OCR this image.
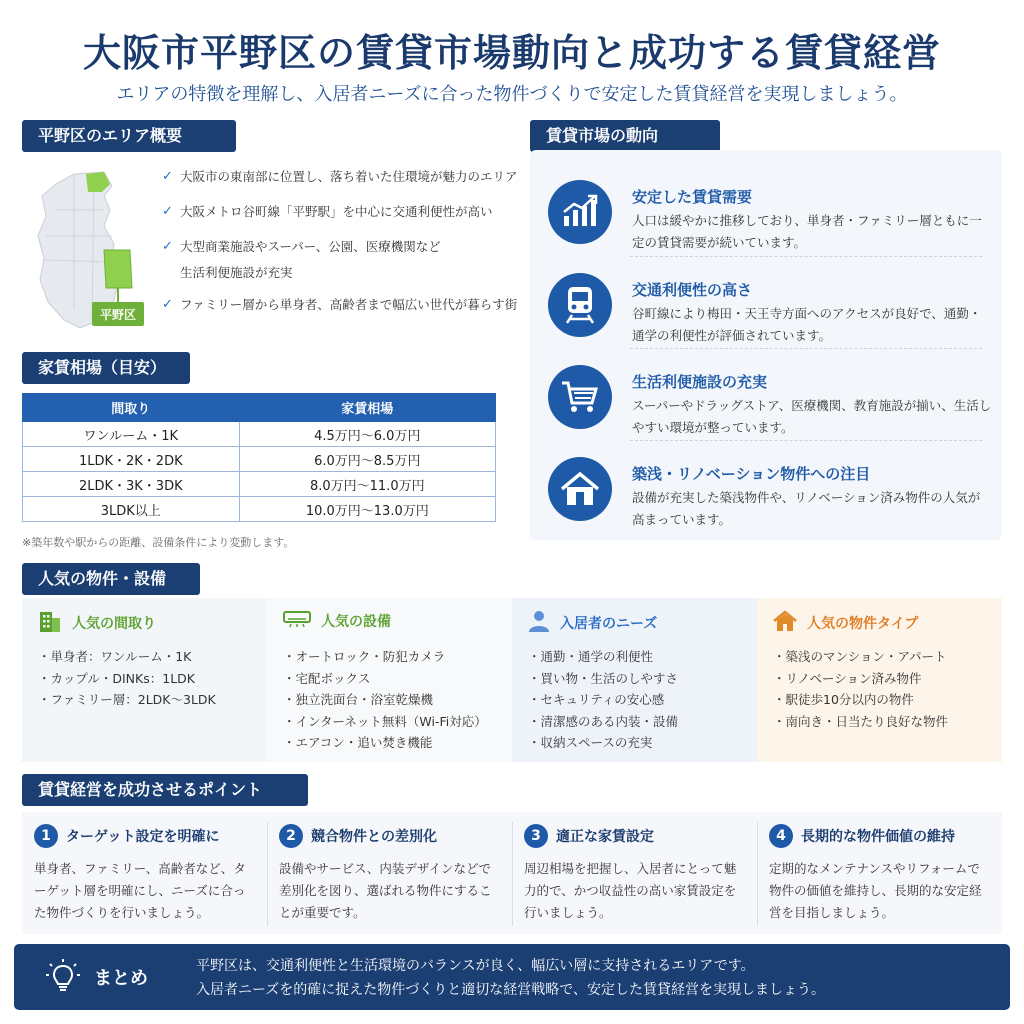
大阪市平野区の賃貸市場動向と成功する賃貸経営
エリアの特徴を理解し、入居者ニーズに合った物件づくりで安定した賃貸経営を実現しましょう。
平野区のエリア概要
平野区
✓ 大阪市の東南部に位置し、落ち着いた住環境が魅力のエリア
✓ 大阪メトロ谷町線「平野駅」を中心に交通利便性が高い
✓ 大型商業施設やスーパー、公園、医療機関など
生活利便施設が充実
✓ ファミリー層から単身者、高齢者まで幅広い世代が暮らす街
家賃相場（目安）
間取り	家賃相場
ワンルーム・1K	4.5万円～6.0万円
1LDK・2K・2DK	6.0万円～8.5万円
2LDK・3K・3DK	8.0万円～11.0万円
3LDK以上	10.0万円～13.0万円
※築年数や駅からの距離、設備条件により変動します。
賃貸市場の動向
安定した賃貸需要
人口は緩やかに推移しており、単身者・ファミリー層ともに一定の賃貸需要が続いています。
交通利便性の高さ
谷町線により梅田・天王寺方面へのアクセスが良好で、通勤・通学の利便性が評価されています。
生活利便施設の充実
スーパーやドラッグストア、医療機関、教育施設が揃い、生活しやすい環境が整っています。
築浅・リノベーション物件への注目
設備が充実した築浅物件や、リノベーション済み物件の人気が高まっています。
人気の物件・設備
人気の間取り
・単身者：ワンルーム・1K
・カップル・DINKs：1LDK
・ファミリー層：2LDK～3LDK
人気の設備
・オートロック・防犯カメラ
・宅配ボックス
・独立洗面台・浴室乾燥機
・インターネット無料（Wi-Fi対応）
・エアコン・追い焚き機能
入居者のニーズ
・通勤・通学の利便性
・買い物・生活のしやすさ
・セキュリティの安心感
・清潔感のある内装・設備
・収納スペースの充実
人気の物件タイプ
・築浅のマンション・アパート
・リノベーション済み物件
・駅徒歩10分以内の物件
・南向き・日当たり良好な物件
賃貸経営を成功させるポイント
1	ターゲット設定を明確に
単身者、ファミリー、高齢者など、ターゲット層を明確にし、ニーズに合った物件づくりを行いましょう。
2	競合物件との差別化
設備やサービス、内装デザインなどで差別化を図り、選ばれる物件にすることが重要です。
3	適正な家賃設定
周辺相場を把握し、入居者にとって魅力的で、かつ収益性の高い家賃設定を行いましょう。
4	長期的な物件価値の維持
定期的なメンテナンスやリフォームで物件の価値を維持し、長期的な安定経営を目指しましょう。
まとめ
平野区は、交通利便性と生活環境のバランスが良く、幅広い層に支持されるエリアです。
入居者ニーズを的確に捉えた物件づくりと適切な経営戦略で、安定した賃貸経営を実現しましょう。
